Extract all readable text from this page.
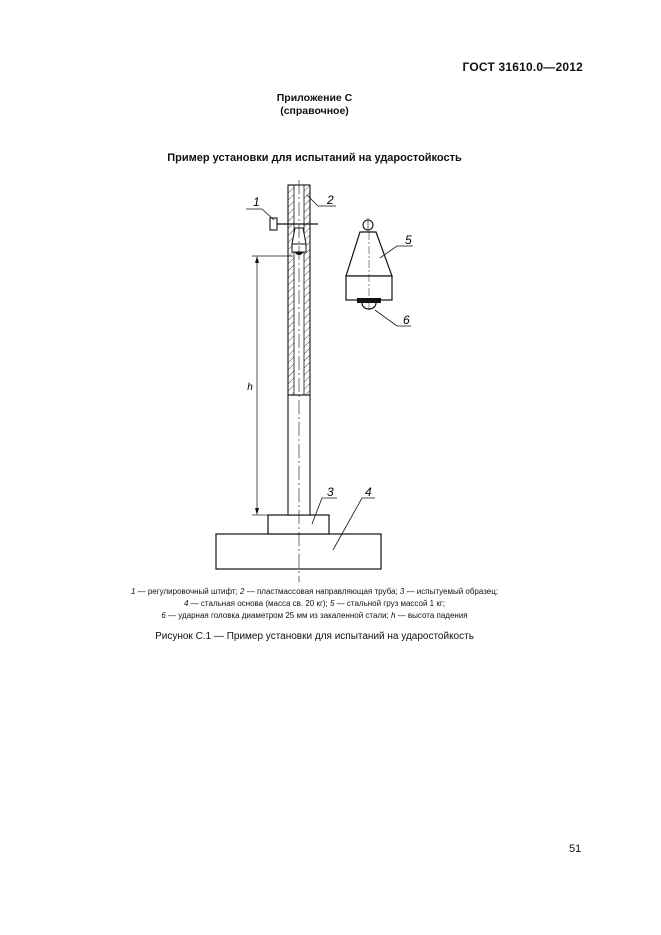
ГОСТ 31610.0—2012
Приложение С
(справочное)
Пример установки для испытаний на ударостойкость
h
1	2
3	4
5
6
1 — регулировочный штифт; 2 — пластмассовая направляющая труба; 3 — испытуемый образец;
4 — стальная основа (масса св. 20 кг); 5 — стальной груз массой 1 кг;
6 — ударная головка диаметром 25 мм из закаленной стали; h — высота падения
Рисунок С.1 — Пример установки для испытаний на ударостойкость
51
